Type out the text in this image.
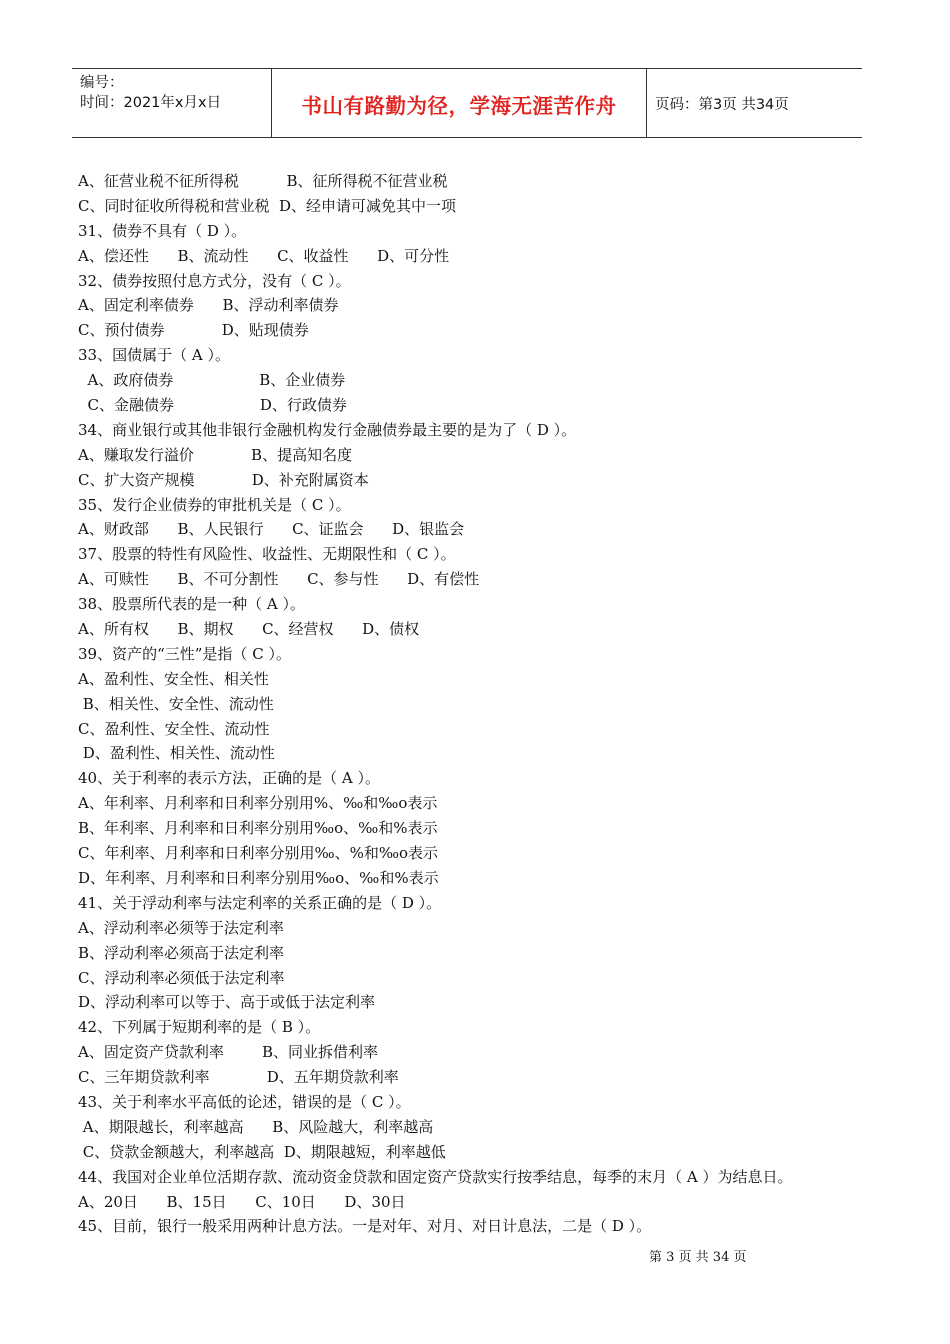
编号：
时间：2021年x月x日	书山有路勤为径，学海无涯苦作舟	页码：第3页 共34页
A、征营业税不征所得税          B、征所得税不征营业税
C、同时征收所得税和营业税  D、经申请可减免其中一项
31、债券不具有（ D ）。
A、偿还性      B、流动性      C、收益性      D、可分性
32、债券按照付息方式分，没有（ C ）。
A、固定利率债券      B、浮动利率债券
C、预付债券            D、贴现债券
33、国债属于（ A ）。
A、政府债券                  B、企业债券
C、金融债券                  D、行政债券
34、商业银行或其他非银行金融机构发行金融债券最主要的是为了（ D ）。
A、赚取发行溢价            B、提高知名度
C、扩大资产规模            D、补充附属资本
35、发行企业债券的审批机关是（ C ）。
A、财政部      B、人民银行      C、证监会      D、银监会
37、股票的特性有风险性、收益性、无期限性和（ C ）。
A、可赎性      B、不可分割性      C、参与性      D、有偿性
38、股票所代表的是一种（ A ）。
A、所有权      B、期权      C、经营权      D、债权
39、资产的“三性”是指（ C ）。
A、盈利性、安全性、相关性
B、相关性、安全性、流动性
C、盈利性、安全性、流动性
D、盈利性、相关性、流动性
40、关于利率的表示方法，正确的是（ A ）。
A、年利率、月利率和日利率分别用%、‰和‰o表示
B、年利率、月利率和日利率分别用‰o、‰和%表示
C、年利率、月利率和日利率分别用‰、%和‰o表示
D、年利率、月利率和日利率分别用‰o、‰和%表示
41、关于浮动利率与法定利率的关系正确的是（ D ）。
A、浮动利率必须等于法定利率
B、浮动利率必须高于法定利率
C、浮动利率必须低于法定利率
D、浮动利率可以等于、高于或低于法定利率
42、下列属于短期利率的是（ B ）。
A、固定资产贷款利率        B、同业拆借利率
C、三年期贷款利率            D、五年期贷款利率
43、关于利率水平高低的论述，错误的是（ C ）。
A、期限越长，利率越高      B、风险越大，利率越高
C、贷款金额越大，利率越高  D、期限越短，利率越低
44、我国对企业单位活期存款、流动资金贷款和固定资产贷款实行按季结息，每季的末月（ A ）为结息日。
A、20日      B、15日      C、10日      D、30日
45、目前，银行一般采用两种计息方法。一是对年、对月、对日计息法，二是（ D ）。
第 3 页 共 34 页
